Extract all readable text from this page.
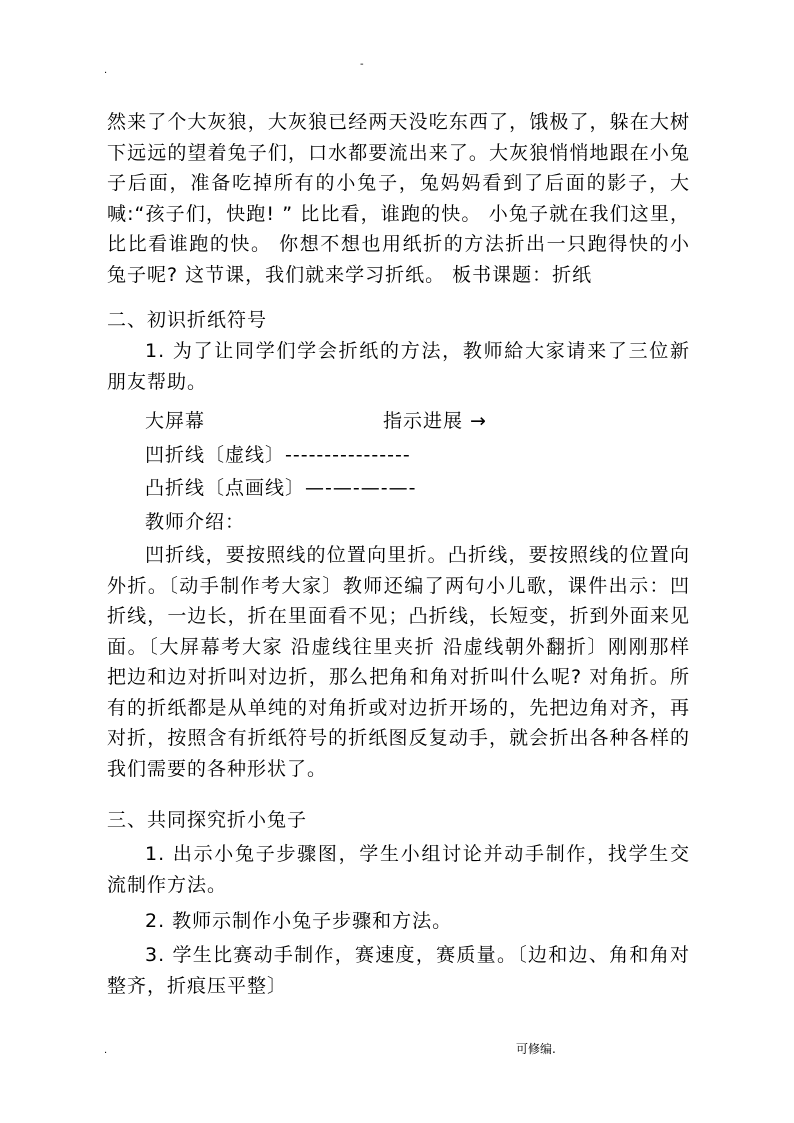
.
-

然来了个大灰狼，大灰狼已经两天没吃东西了，饿极了，躲在大树下远远的望着兔子们，口水都要流出来了。大灰狼悄悄地跟在小兔子后面，准备吃掉所有的小兔子，兔妈妈看到了后面的影子，大喊:“孩子们，快跑! ” 比比看，谁跑的快。 小兔子就在我们这里，比比看谁跑的快。 你想不想也用纸折的方法折出一只跑得快的小兔子呢? 这节课，我们就来学习折纸。 板书课题：折纸

二、初识折纸符号

1. 为了让同学们学会折纸的方法，教师給大家请来了三位新朋友帮助。

大屏幕	指示进展 →

凹折线〔虚线〕----------------

凸折线〔点画线〕—-—-—-—-

教师介绍：

凹折线，要按照线的位置向里折。凸折线，要按照线的位置向外折。〔动手制作考大家〕教师还编了两句小儿歌，课件出示：凹折线，一边长，折在里面看不见；凸折线，长短变，折到外面来见面。〔大屏幕考大家 沿虚线往里夹折 沿虚线朝外翻折〕刚刚那样把边和边对折叫对边折，那么把角和角对折叫什么呢? 对角折。所有的折纸都是从单纯的对角折或对边折开场的，先把边角对齐，再对折，按照含有折纸符号的折纸图反复动手，就会折出各种各样的我们需要的各种形状了。

三、共同探究折小兔子

1. 出示小兔子步骤图，学生小组讨论并动手制作，找学生交流制作方法。

2. 教师示制作小兔子步骤和方法。

3. 学生比赛动手制作，赛速度，赛质量。〔边和边、角和角对整齐，折痕压平整〕

.	可修编.
